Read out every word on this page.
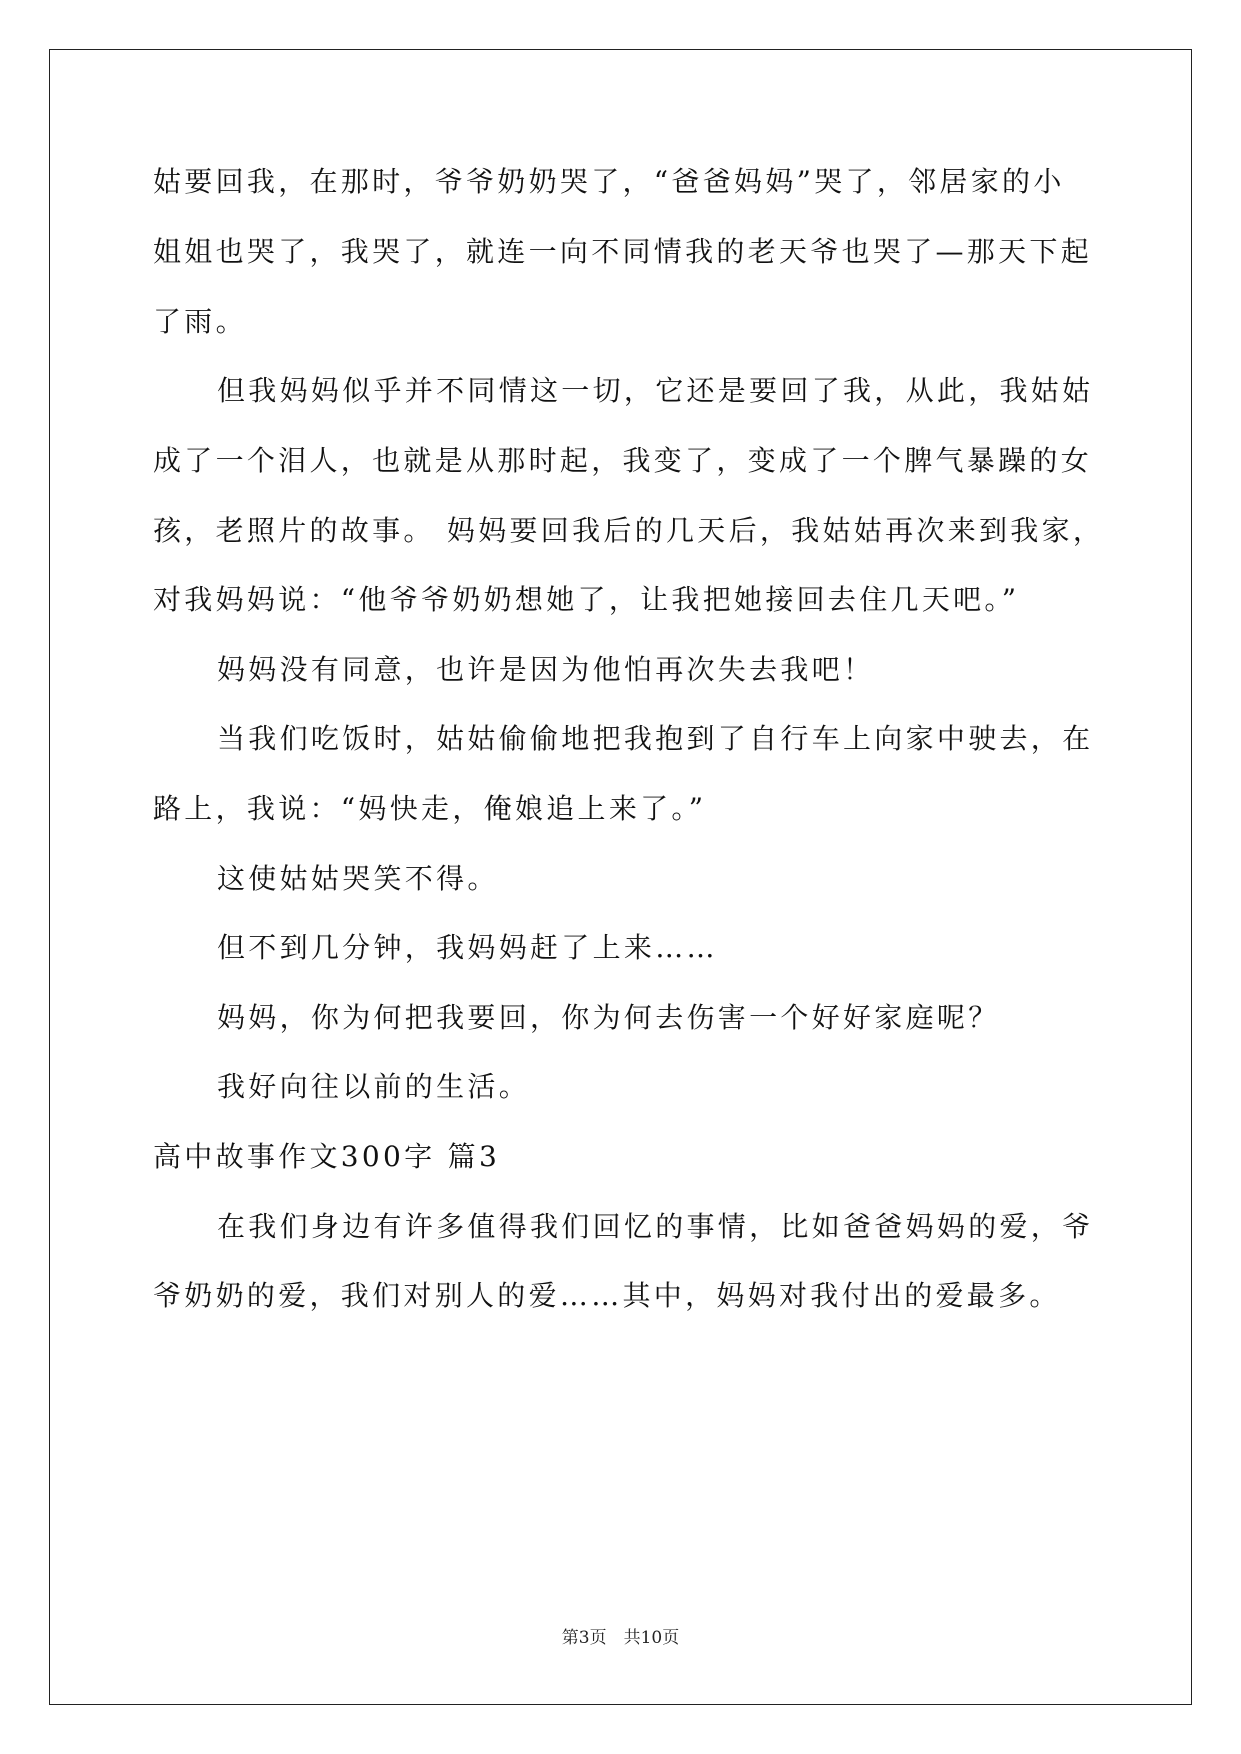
姑要回我，在那时，爷爷奶奶哭了，“爸爸妈妈”哭了，邻居家的小
姐姐也哭了，我哭了，就连一向不同情我的老天爷也哭了—那天下起
了雨。
但我妈妈似乎并不同情这一切，它还是要回了我，从此，我姑姑
成了一个泪人，也就是从那时起，我变了，变成了一个脾气暴躁的女
孩，老照片的故事。 妈妈要回我后的几天后，我姑姑再次来到我家，
对我妈妈说：“他爷爷奶奶想她了，让我把她接回去住几天吧。”
妈妈没有同意，也许是因为他怕再次失去我吧！
当我们吃饭时，姑姑偷偷地把我抱到了自行车上向家中驶去，在
路上，我说：“妈快走，俺娘追上来了。”
这使姑姑哭笑不得。
但不到几分钟，我妈妈赶了上来……
妈妈，你为何把我要回，你为何去伤害一个好好家庭呢？
我好向往以前的生活。
高中故事作文300字 篇3
在我们身边有许多值得我们回忆的事情，比如爸爸妈妈的爱，爷
爷奶奶的爱，我们对别人的爱……其中，妈妈对我付出的爱最多。
第3页　共10页
